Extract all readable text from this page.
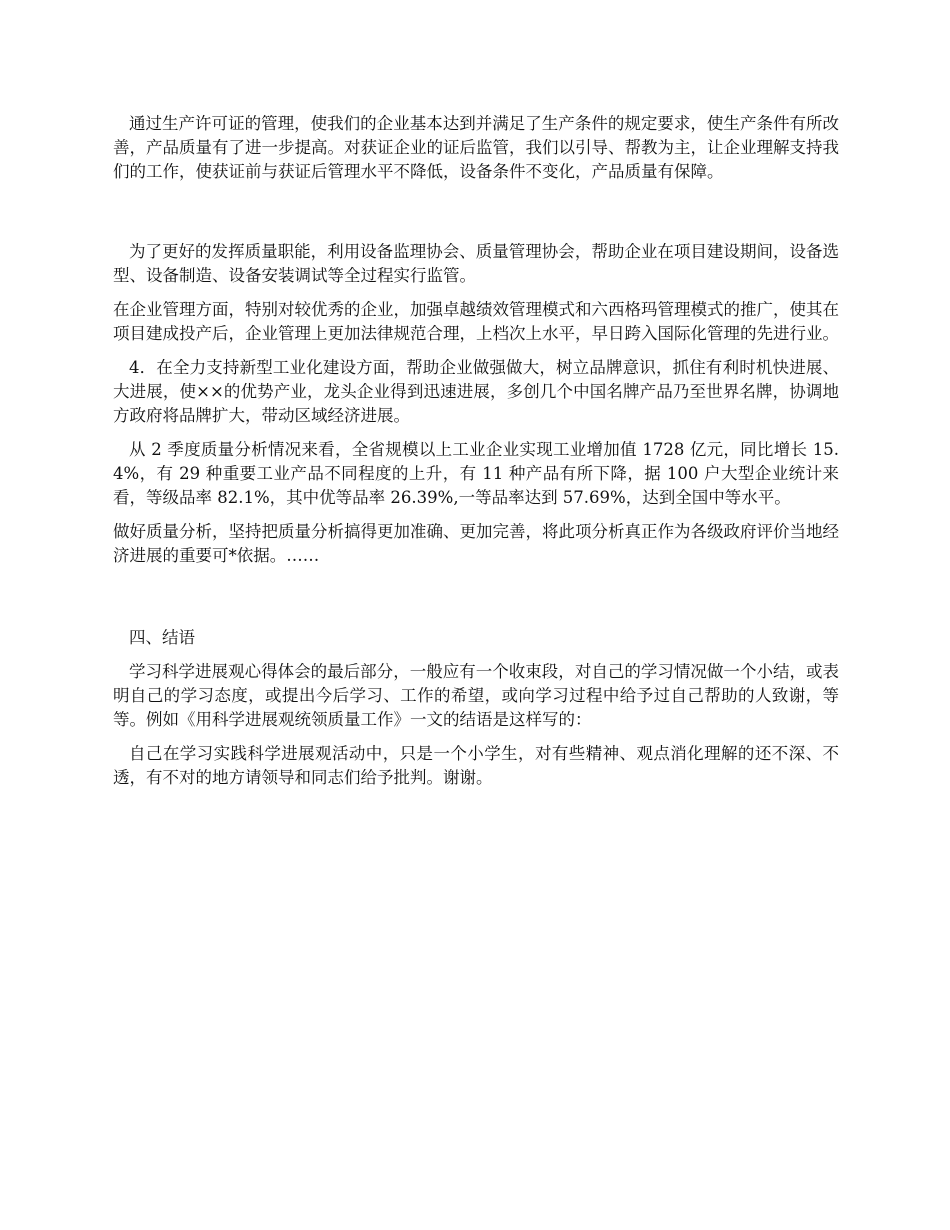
通过生产许可证的管理，使我们的企业基本达到并满足了生产条件的规定要求，使生产条件有所改善，产品质量有了进一步提高。对获证企业的证后监管，我们以引导、帮教为主，让企业理解支持我们的工作，使获证前与获证后管理水平不降低，设备条件不变化，产品质量有保障。

为了更好的发挥质量职能，利用设备监理协会、质量管理协会，帮助企业在项目建设期间，设备选型、设备制造、设备安装调试等全过程实行监管。

在企业管理方面，特别对较优秀的企业，加强卓越绩效管理模式和六西格玛管理模式的推广，使其在项目建成投产后，企业管理上更加法律规范合理，上档次上水平，早日跨入国际化管理的先进行业。

4．在全力支持新型工业化建设方面，帮助企业做强做大，树立品牌意识，抓住有利时机快进展、大进展，使××的优势产业，龙头企业得到迅速进展，多创几个中国名牌产品乃至世界名牌，协调地方政府将品牌扩大，带动区域经济进展。

从 2 季度质量分析情况来看，全省规模以上工业企业实现工业增加值 1728 亿元，同比增长 15.4%，有 29 种重要工业产品不同程度的上升，有 11 种产品有所下降，据 100 户大型企业统计来看，等级品率 82.1%，其中优等品率 26.39%,一等品率达到 57.69%，达到全国中等水平。

做好质量分析，坚持把质量分析搞得更加准确、更加完善，将此项分析真正作为各级政府评价当地经济进展的重要可*依据。……

四、结语

学习科学进展观心得体会的最后部分，一般应有一个收束段，对自己的学习情况做一个小结，或表明自己的学习态度，或提出今后学习、工作的希望，或向学习过程中给予过自己帮助的人致谢，等等。例如《用科学进展观统领质量工作》一文的结语是这样写的：

自己在学习实践科学进展观活动中，只是一个小学生，对有些精神、观点消化理解的还不深、不透，有不对的地方请领导和同志们给予批判。谢谢。
